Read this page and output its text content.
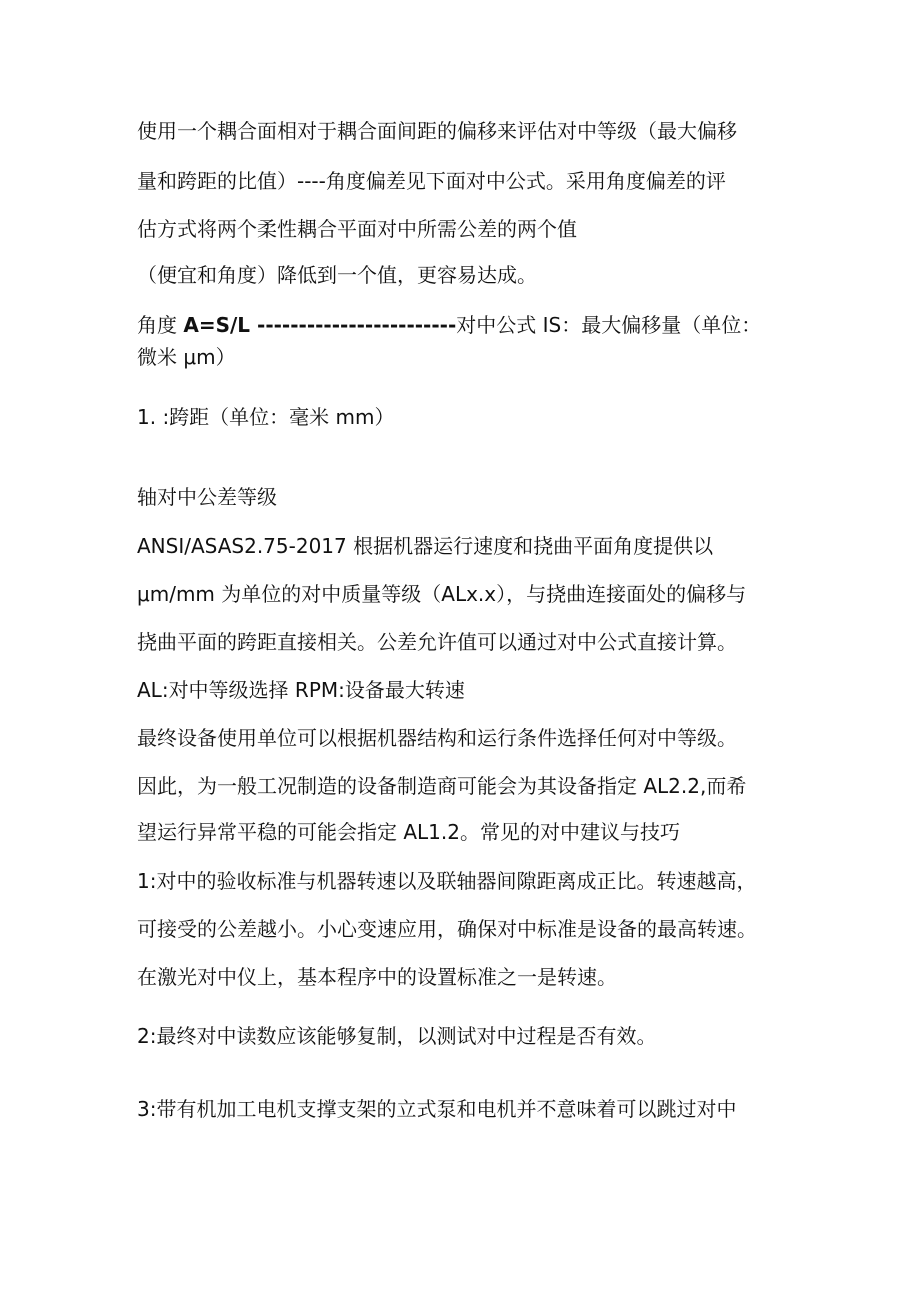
使用一个耦合面相对于耦合面间距的偏移来评估对中等级（最大偏移
量和跨距的比值）----角度偏差见下面对中公式。采用角度偏差的评
估方式将两个柔性耦合平面对中所需公差的两个值
（便宜和角度）降低到一个值，更容易达成。
角度 A=S/L ------------------------对中公式 IS：最大偏移量（单位：
微米 μm）
1. :跨距（单位：毫米 mm）
轴对中公差等级
ANSI/ASAS2.75-2017 根据机器运行速度和挠曲平面角度提供以
μm/mm 为单位的对中质量等级（ALx.x），与挠曲连接面处的偏移与
挠曲平面的跨距直接相关。公差允许值可以通过对中公式直接计算。
AL:对中等级选择 RPM:设备最大转速
最终设备使用单位可以根据机器结构和运行条件选择任何对中等级。
因此，为一般工况制造的设备制造商可能会为其设备指定 AL2.2,而希
望运行异常平稳的可能会指定 AL1.2。常见的对中建议与技巧
1:对中的验收标准与机器转速以及联轴器间隙距离成正比。转速越高，
可接受的公差越小。小心变速应用，确保对中标准是设备的最高转速。
在激光对中仪上，基本程序中的设置标准之一是转速。
2:最终对中读数应该能够复制，以测试对中过程是否有效。
3:带有机加工电机支撑支架的立式泵和电机并不意味着可以跳过对中
